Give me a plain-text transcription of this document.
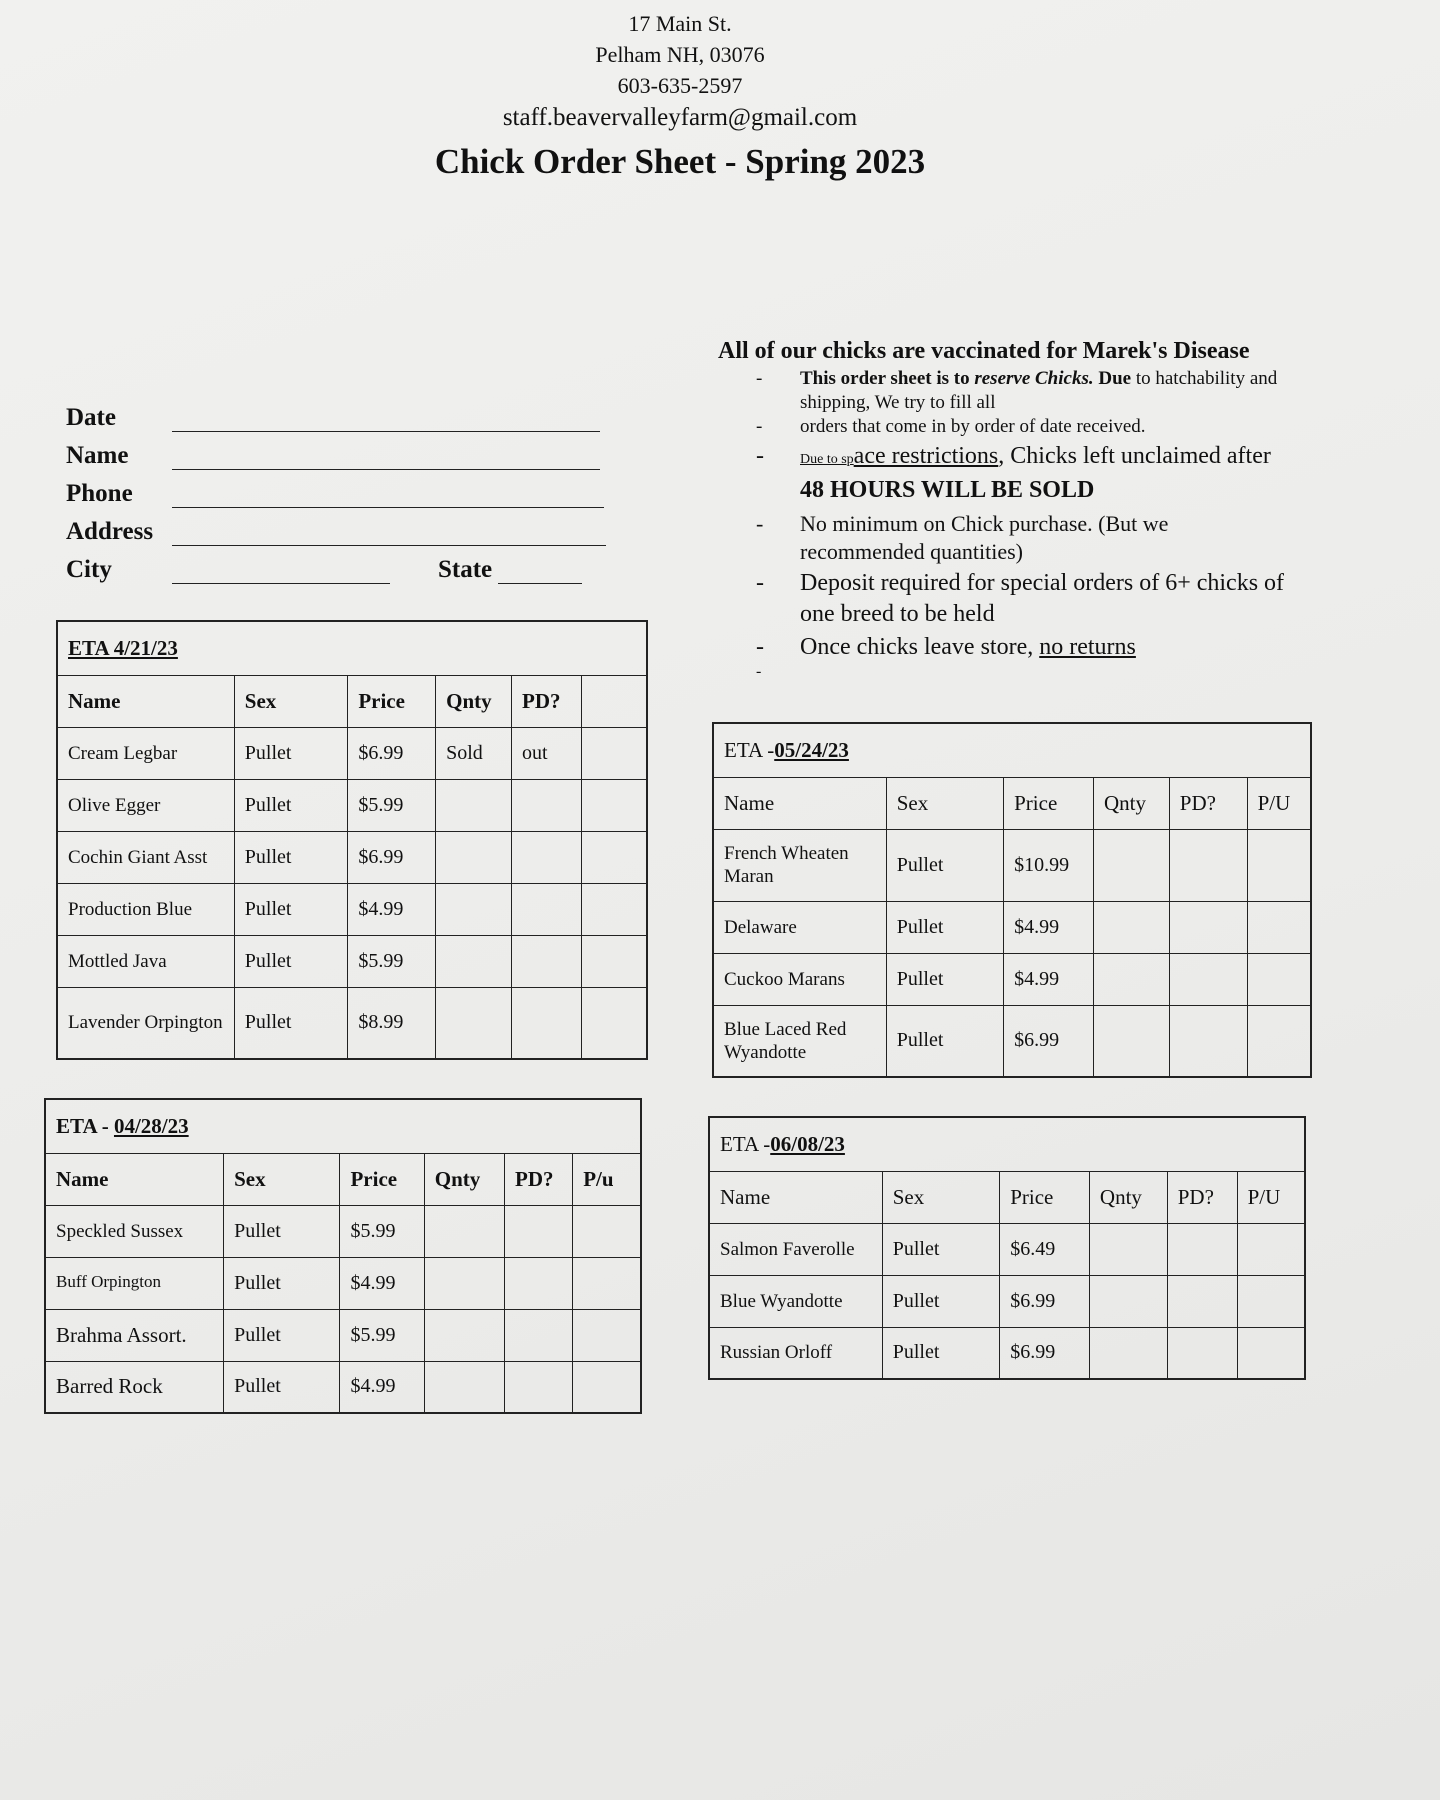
17 Main St.
Pelham NH, 03076
603-635-2597
staff.beavervalleyfarm@gmail.com
Chick Order Sheet - Spring 2023
Date
Name
Phone
Address
City	State
All of our chicks are vaccinated for Marek's Disease
- This order sheet is to reserve Chicks. Due to hatchability and shipping, We try to fill all
- orders that come in by order of date received.
-	Due to space restrictions, Chicks left unclaimed after 48 HOURS WILL BE SOLD
- No minimum on Chick purchase. (But we recommended quantities)
- Deposit required for special orders of 6+ chicks of one breed to be held
- Once chicks leave store, no returns
-
ETA 4/21/23					
Name	Sex	Price	Qnty	PD?	
Cream Legbar	Pullet	$6.99	Sold	out	
Olive Egger	Pullet	$5.99			
Cochin Giant Asst	Pullet	$6.99			
Production Blue	Pullet	$4.99			
Mottled Java	Pullet	$5.99			
Lavender Orpington	Pullet	$8.99			
ETA - 04/28/23					
Name	Sex	Price	Qnty	PD?	P/u
Speckled Sussex	Pullet	$5.99			
Buff Orpington	Pullet	$4.99			
Brahma Assort.	Pullet	$5.99			
Barred Rock	Pullet	$4.99			
ETA -05/24/23					
Name	Sex	Price	Qnty	PD?	P/U
French Wheaten Maran	Pullet	$10.99			
Delaware	Pullet	$4.99			
Cuckoo Marans	Pullet	$4.99			
Blue Laced Red Wyandotte	Pullet	$6.99			
ETA -06/08/23					
Name	Sex	Price	Qnty	PD?	P/U
Salmon Faverolle	Pullet	$6.49			
Blue Wyandotte	Pullet	$6.99			
Russian Orloff	Pullet	$6.99			
